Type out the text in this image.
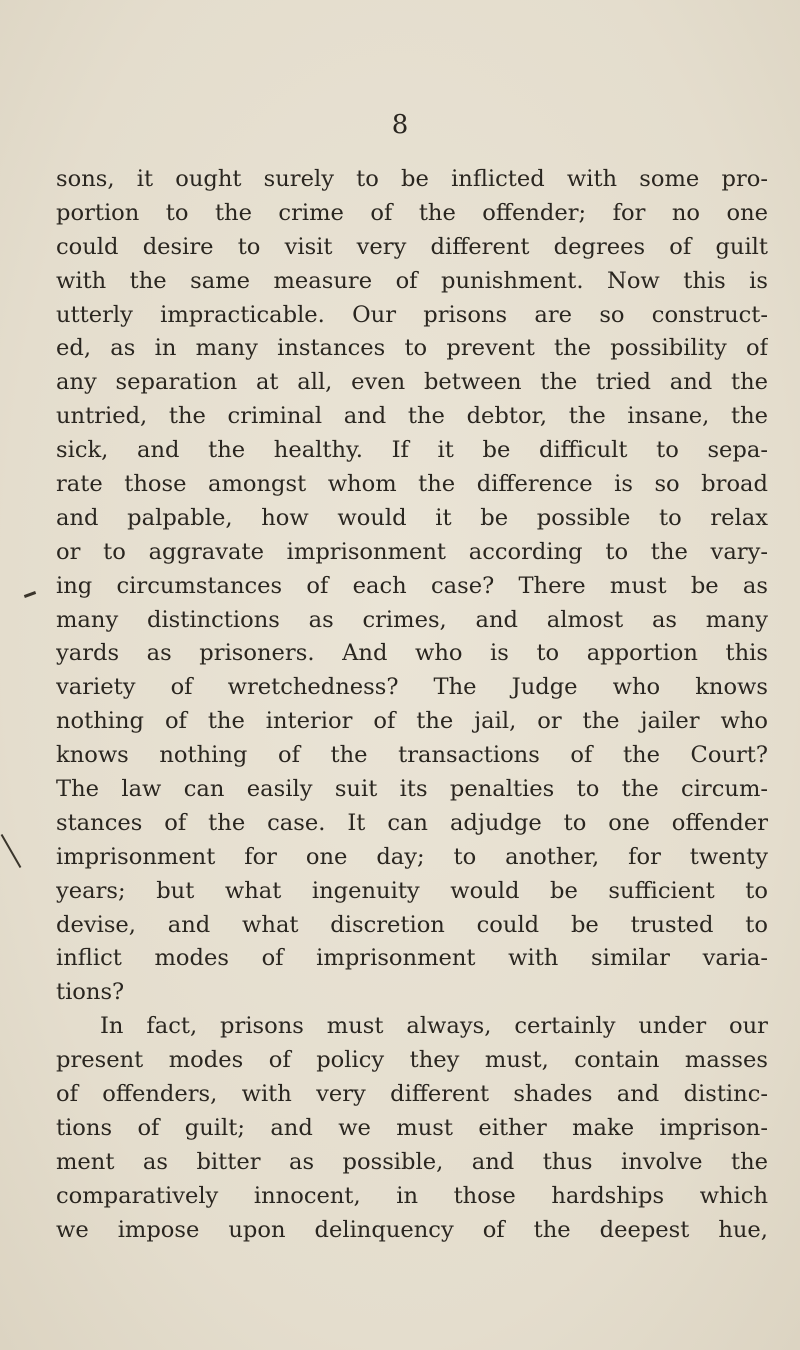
8
sons, it ought surely to be inflicted with some pro-
portion to the crime of the offender; for no one
could desire to visit very different degrees of guilt
with the same measure of punishment. Now this is
utterly impracticable. Our prisons are so construct-
ed, as in many instances to prevent the possibility of
any separation at all, even between the tried and the
untried, the criminal and the debtor, the insane, the
sick, and the healthy. If it be difficult to sepa-
rate those amongst whom the difference is so broad
and palpable, how would it be possible to relax
or to aggravate imprisonment according to the vary-
ing circumstances of each case? There must be as
many distinctions as crimes, and almost as many
yards as prisoners. And who is to apportion this
variety of wretchedness? The Judge who knows
nothing of the interior of the jail, or the jailer who
knows nothing of the transactions of the Court?
The law can easily suit its penalties to the circum-
stances of the case. It can adjudge to one offender
imprisonment for one day; to another, for twenty
years; but what ingenuity would be sufficient to
devise, and what discretion could be trusted to
inflict modes of imprisonment with similar varia-
tions?
In fact, prisons must always, certainly under our
present modes of policy they must, contain masses
of offenders, with very different shades and distinc-
tions of guilt; and we must either make imprison-
ment as bitter as possible, and thus involve the
comparatively innocent, in those hardships which
we impose upon delinquency of the deepest hue,
